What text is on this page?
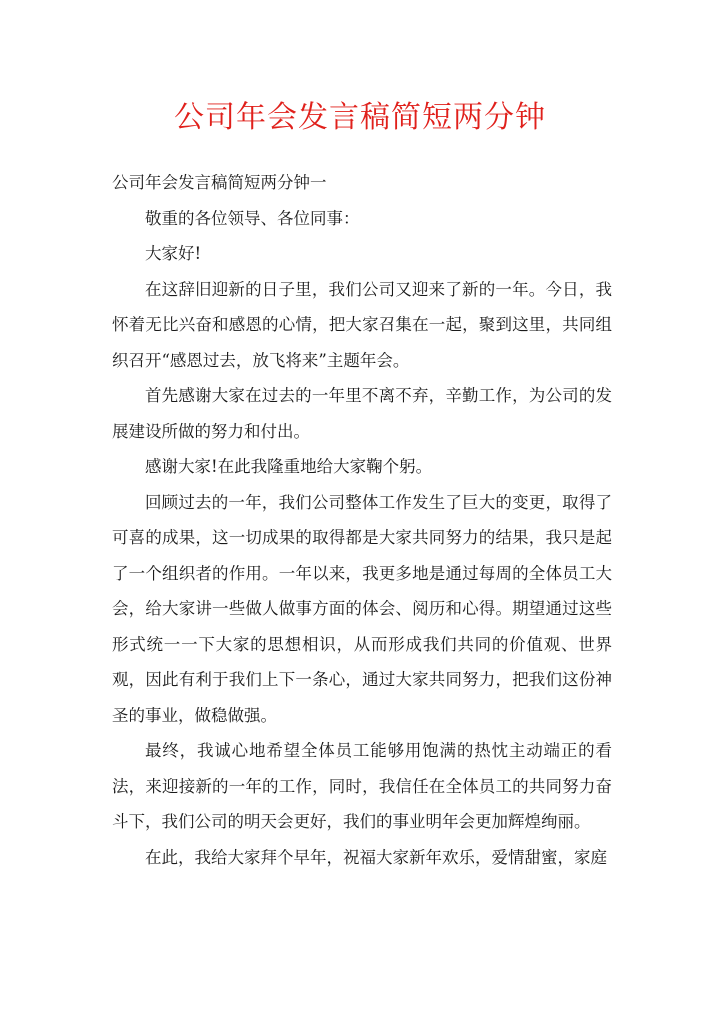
公司年会发言稿简短两分钟

公司年会发言稿简短两分钟一

敬重的各位领导、各位同事：

大家好!

在这辞旧迎新的日子里，我们公司又迎来了新的一年。今日，我怀着无比兴奋和感恩的心情，把大家召集在一起，聚到这里，共同组织召开“感恩过去，放飞将来”主题年会。

首先感谢大家在过去的一年里不离不弃，辛勤工作，为公司的发展建设所做的努力和付出。

感谢大家!在此我隆重地给大家鞠个躬。

回顾过去的一年，我们公司整体工作发生了巨大的变更，取得了可喜的成果，这一切成果的取得都是大家共同努力的结果，我只是起了一个组织者的作用。一年以来，我更多地是通过每周的全体员工大会，给大家讲一些做人做事方面的体会、阅历和心得。期望通过这些形式统一一下大家的思想相识，从而形成我们共同的价值观、世界观，因此有利于我们上下一条心，通过大家共同努力，把我们这份神圣的事业，做稳做强。

最终，我诚心地希望全体员工能够用饱满的热忱主动端正的看法，来迎接新的一年的工作，同时，我信任在全体员工的共同努力奋斗下，我们公司的明天会更好，我们的事业明年会更加辉煌绚丽。

在此，我给大家拜个早年，祝福大家新年欢乐，爱情甜蜜，家庭
